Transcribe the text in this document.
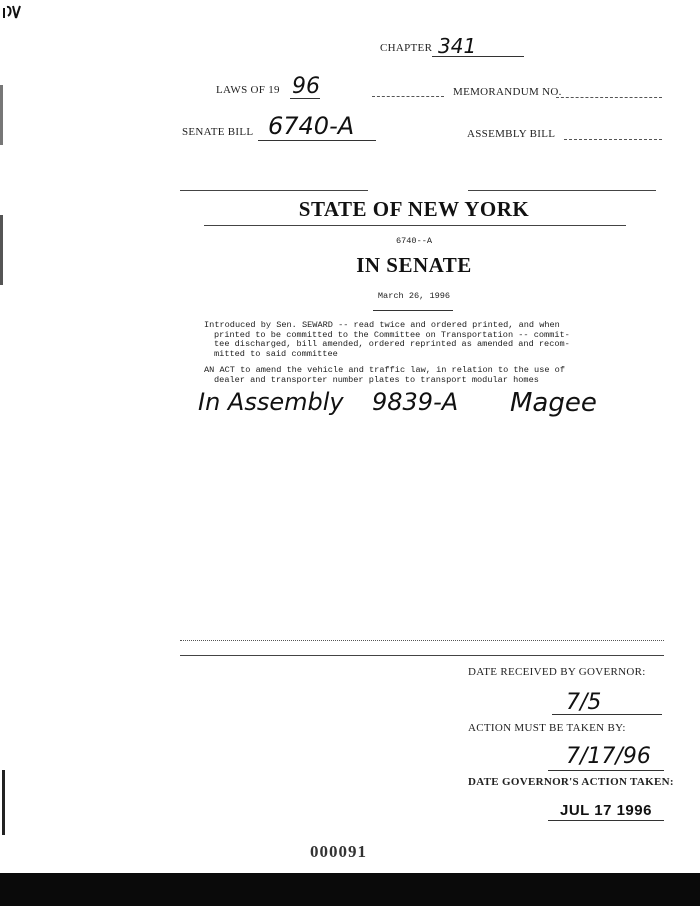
CHAPTER 341
LAWS OF 19 96	MEMORANDUM NO.
SENATE BILL 6740-A	ASSEMBLY BILL
STATE OF NEW YORK
6740--A
IN SENATE
March 26, 1996
Introduced by Sen. SEWARD -- read twice and ordered printed, and when
printed to be committed to the Committee on Transportation -- commit-
tee discharged, bill amended, ordered reprinted as amended and recom-
mitted to said committee
AN ACT to amend the vehicle and traffic law, in relation to the use of
dealer and transporter number plates to transport modular homes
In Assembly 9839-A Magee
DATE RECEIVED BY GOVERNOR:
7/5
ACTION MUST BE TAKEN BY:
7/17/96
DATE GOVERNOR'S ACTION TAKEN:
JUL 17 1996
000091
